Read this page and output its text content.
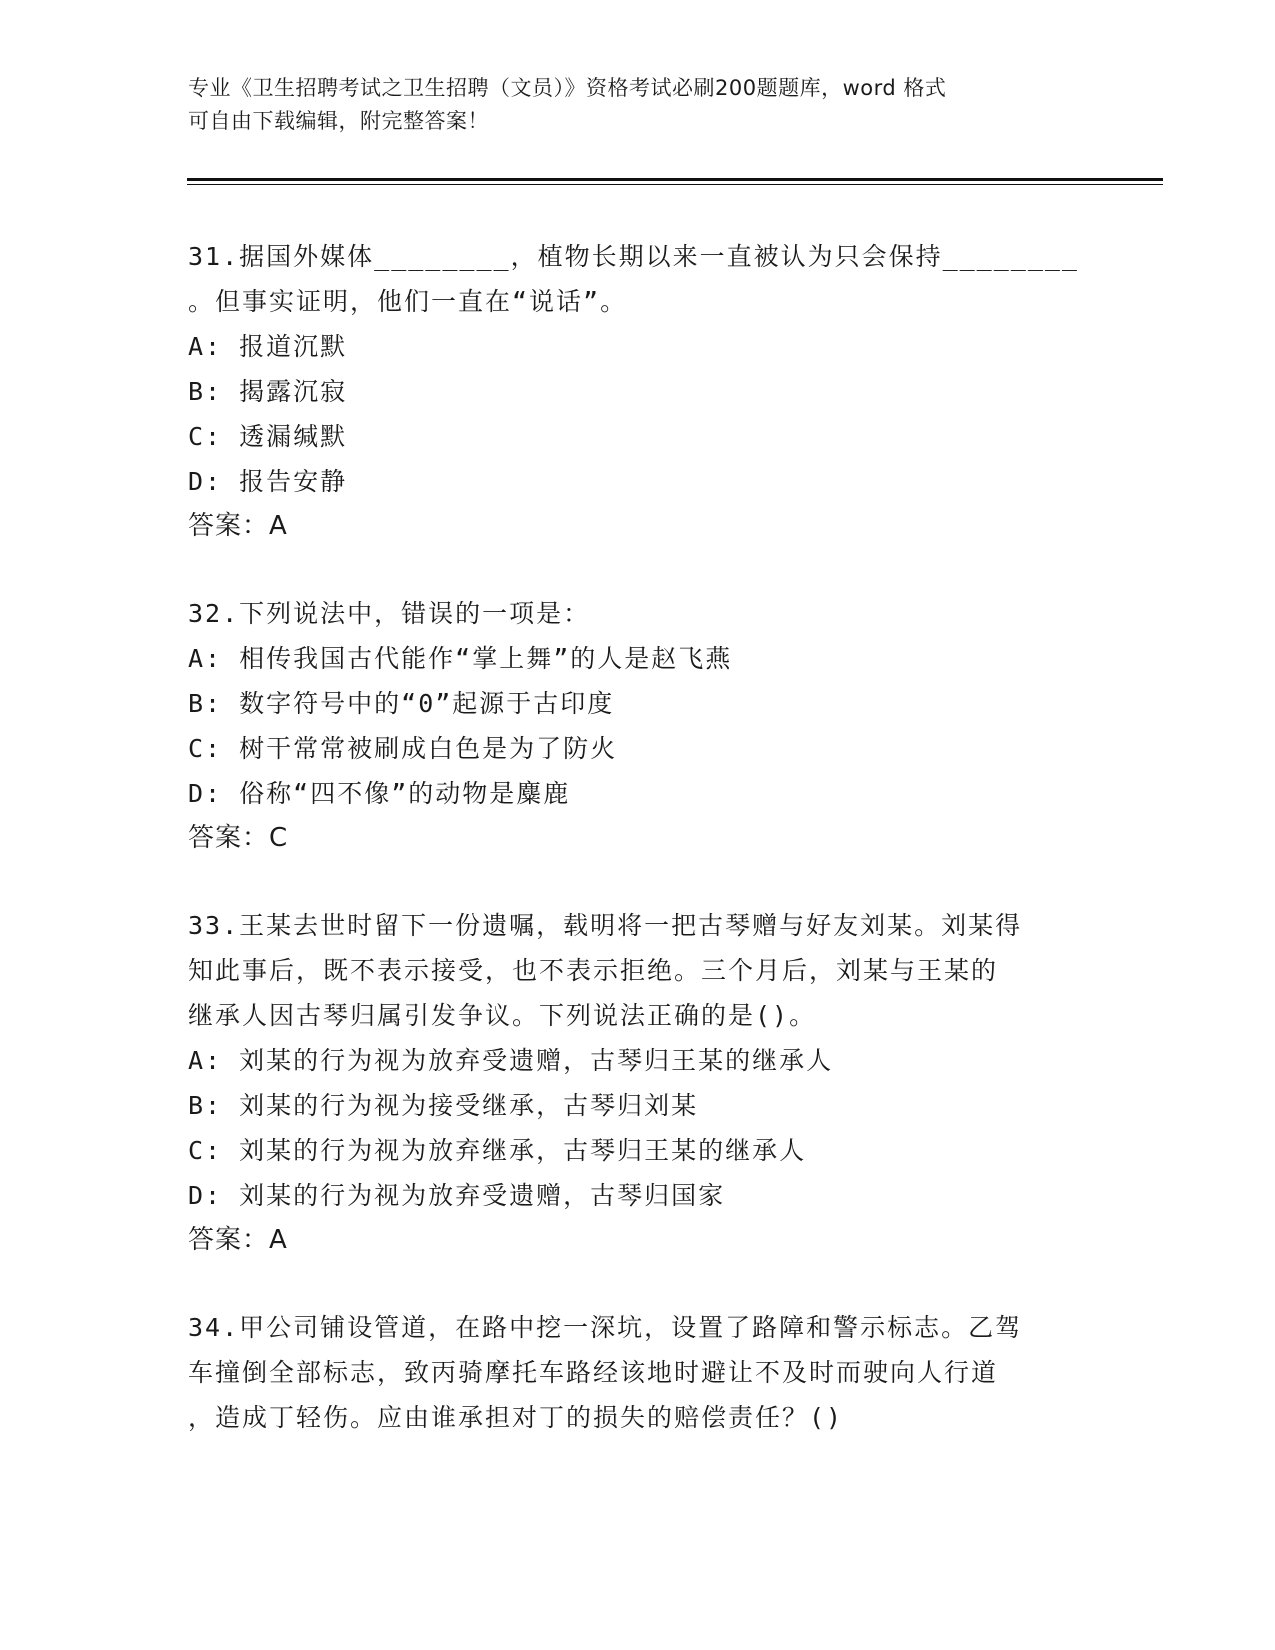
专业《卫生招聘考试之卫生招聘（文员）》资格考试必刷200题题库，word 格式
可自由下载编辑，附完整答案！
31.据国外媒体________，植物长期以来一直被认为只会保持________
。但事实证明，他们一直在“说话”。
A: 报道沉默
B: 揭露沉寂
C: 透漏缄默
D: 报告安静
答案：A
32.下列说法中，错误的一项是：
A: 相传我国古代能作“掌上舞”的人是赵飞燕
B: 数字符号中的“0”起源于古印度
C: 树干常常被刷成白色是为了防火
D: 俗称“四不像”的动物是麋鹿
答案：C
33.王某去世时留下一份遗嘱，载明将一把古琴赠与好友刘某。刘某得
知此事后，既不表示接受，也不表示拒绝。三个月后，刘某与王某的
继承人因古琴归属引发争议。下列说法正确的是()。
A: 刘某的行为视为放弃受遗赠，古琴归王某的继承人
B: 刘某的行为视为接受继承，古琴归刘某
C: 刘某的行为视为放弃继承，古琴归王某的继承人
D: 刘某的行为视为放弃受遗赠，古琴归国家
答案：A
34.甲公司铺设管道，在路中挖一深坑，设置了路障和警示标志。乙驾
车撞倒全部标志，致丙骑摩托车路经该地时避让不及时而驶向人行道
，造成丁轻伤。应由谁承担对丁的损失的赔偿责任？()
